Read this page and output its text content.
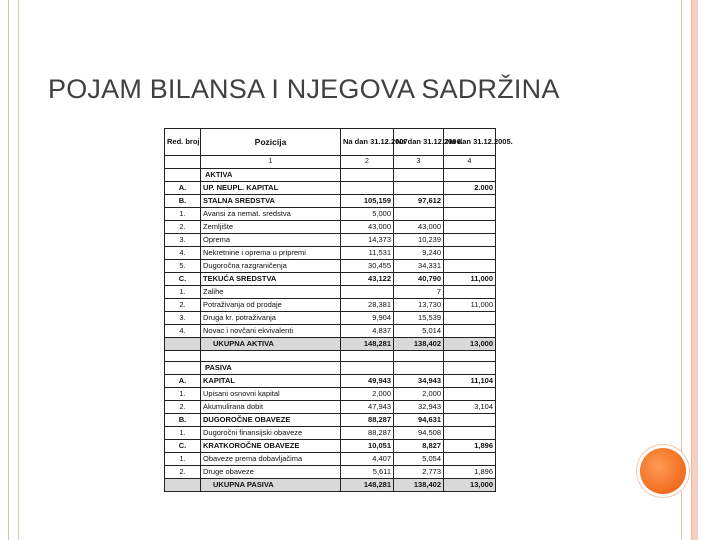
POJAM BILANSA I NJEGOVA SADRŽINA
Red. broj	Pozicija	Na dan 31.12.2007	Na dan 31.12.2006.	Na dan 31.12.2005.
	1	2	3	4
	AKTIVA			
A.	UP. NEUPL. KAPITAL			2.000
B.	STALNA SREDSTVA	105,159	97,612	
1.	Avansi za nemat. sredstva	5,000		
2.	Zemljište	43,000	43,000	
3.	Oprema	14,373	10,239	
4.	Nekretnine i oprema u pripremi	11,531	9,240	
5.	Dugoročna razgraničenja	30,455	34,331	
C.	TEKUĆA SREDSTVA	43,122	40,790	11,000
1.	Zalihe		7	
2.	Potraživanja od prodaje	28,381	13,730	11,000
3.	Druga kr. potraživanja	9,904	15,539	
4.	Novac i novčani ekvivalenti	4,837	5,014	
	UKUPNA AKTIVA	148,281	138,402	13,000

	PASIVA			
A.	KAPITAL	49,943	34,943	11,104
1.	Upisani osnovni kapital	2,000	2,000	
2.	Akumulirana dobit	47,943	32,943	3,104
B.	DUGOROČNE OBAVEZE	88,287	94,631	
1.	Dugoročni finansijski obaveze	88,287	94,508	
C.	KRATKOROČNE OBAVEZE	10,051	8,827	1,896
1.	Obaveze prema dobavljačima	4,407	5,054	
2.	Druge obaveze	5,611	2,773	1,896
	UKUPNA PASIVA	148,281	138,402	13,000
